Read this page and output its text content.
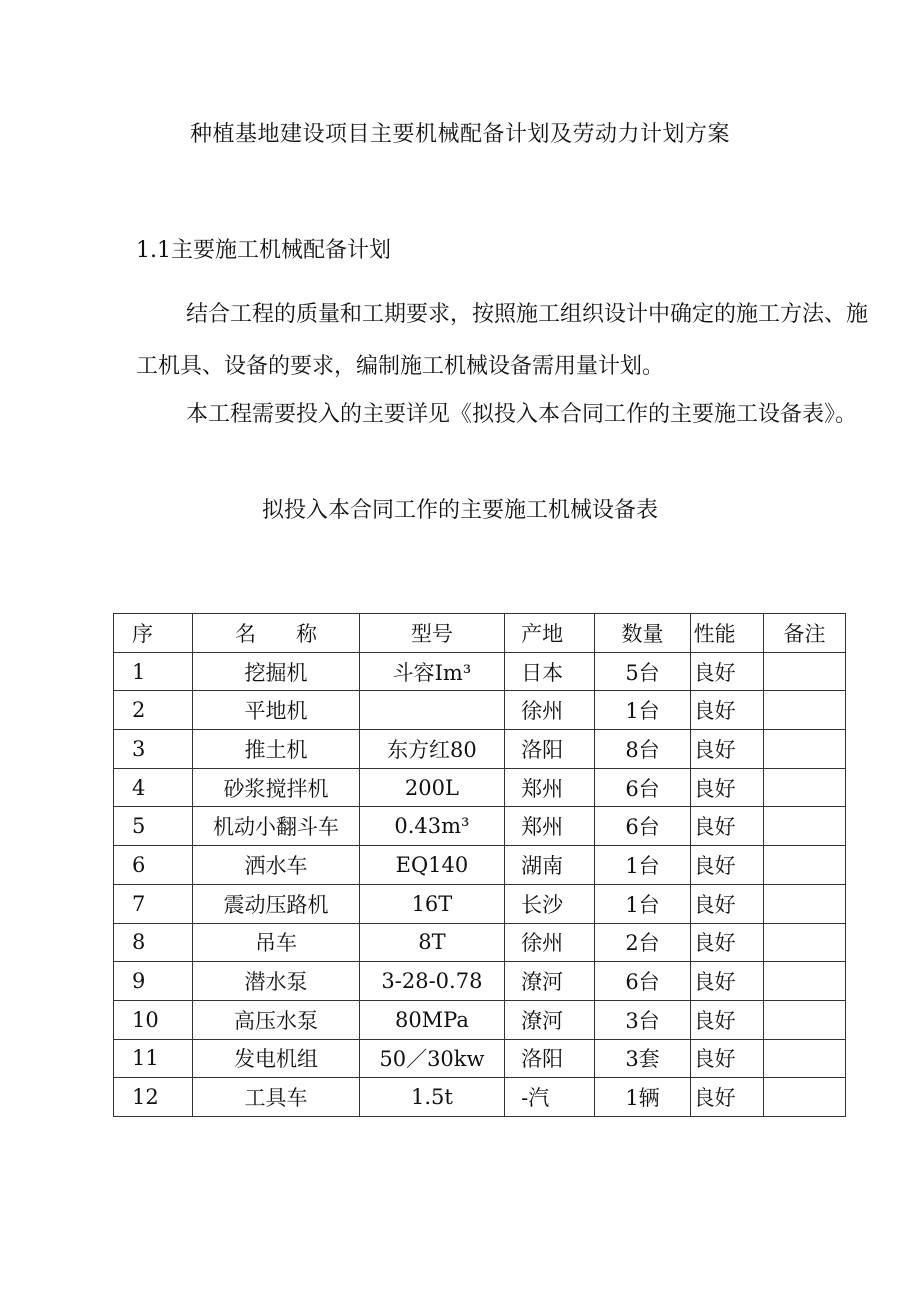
种植基地建设项目主要机械配备计划及劳动力计划方案
1.1主要施工机械配备计划

结合工程的质量和工期要求，按照施工组织设计中确定的施工方法、施工机具、设备的要求，编制施工机械设备需用量计划。

本工程需要投入的主要详见《拟投入本合同工作的主要施工设备表》。

拟投入本合同工作的主要施工机械设备表
序	名称	型号	产地	数量	性能	备注
1	挖掘机	斗容Im³	日本	5台	良好	
2	平地机		徐州	1台	良好	
3	推土机	东方红80	洛阳	8台	良好	
4	砂浆搅拌机	200L	郑州	6台	良好	
5	机动小翻斗车	0.43m³	郑州	6台	良好	
6	洒水车	EQ140	湖南	1台	良好	
7	震动压路机	16T	长沙	1台	良好	
8	吊车	8T	徐州	2台	良好	
9	潜水泵	3-28-0.78	潦河	6台	良好	
10	高压水泵	80MPa	潦河	3台	良好	
11	发电机组	50／30kw	洛阳	3套	良好	
12	工具车	1.5t	-汽	1辆	良好	
